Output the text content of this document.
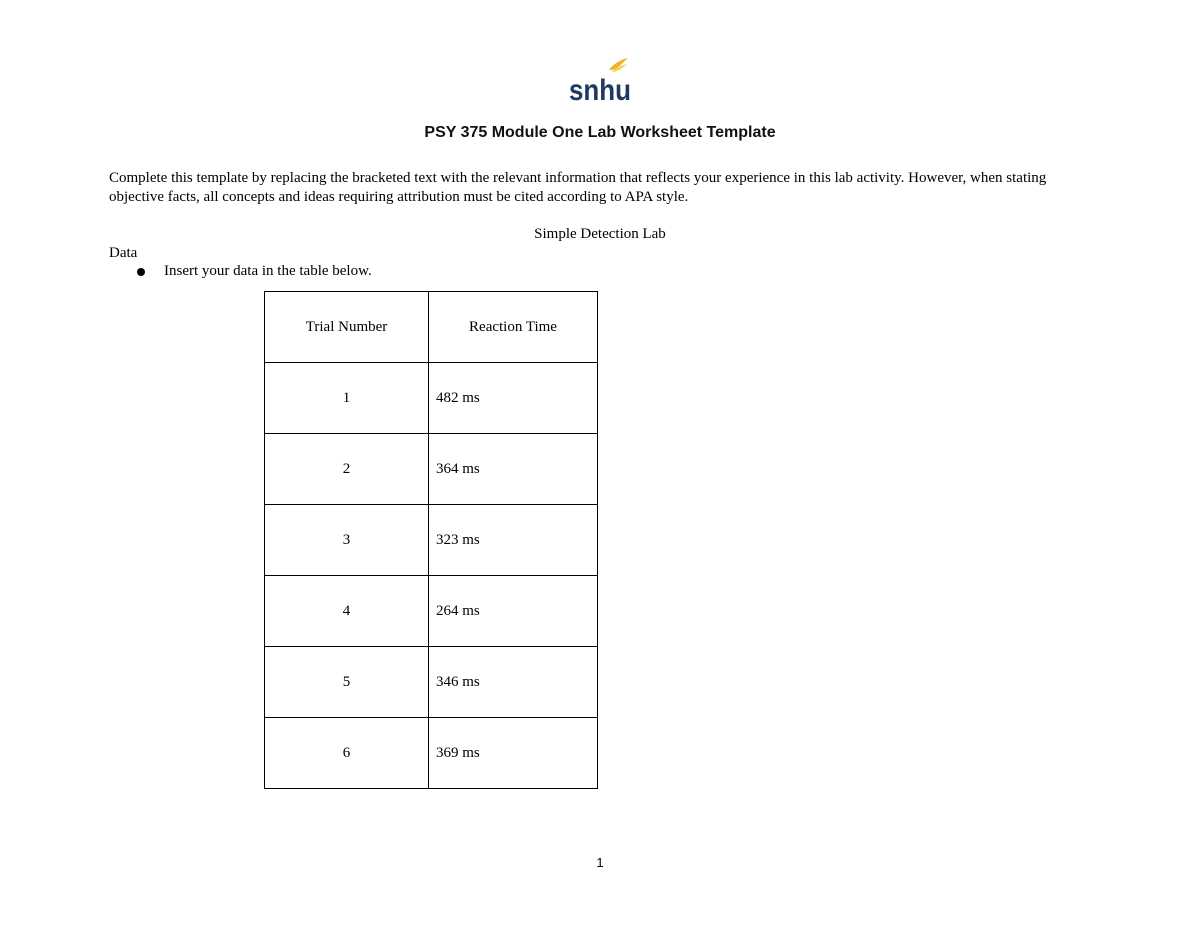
snhu
PSY 375 Module One Lab Worksheet Template
Complete this template by replacing the bracketed text with the relevant information that reflects your experience in this lab activity. However, when stating objective facts, all concepts and ideas requiring attribution must be cited according to APA style.
Simple Detection Lab
Data
Insert your data in the table below.
Trial Number	Reaction Time
1	482 ms
2	364 ms
3	323 ms
4	264 ms
5	346 ms
6	369 ms
1
